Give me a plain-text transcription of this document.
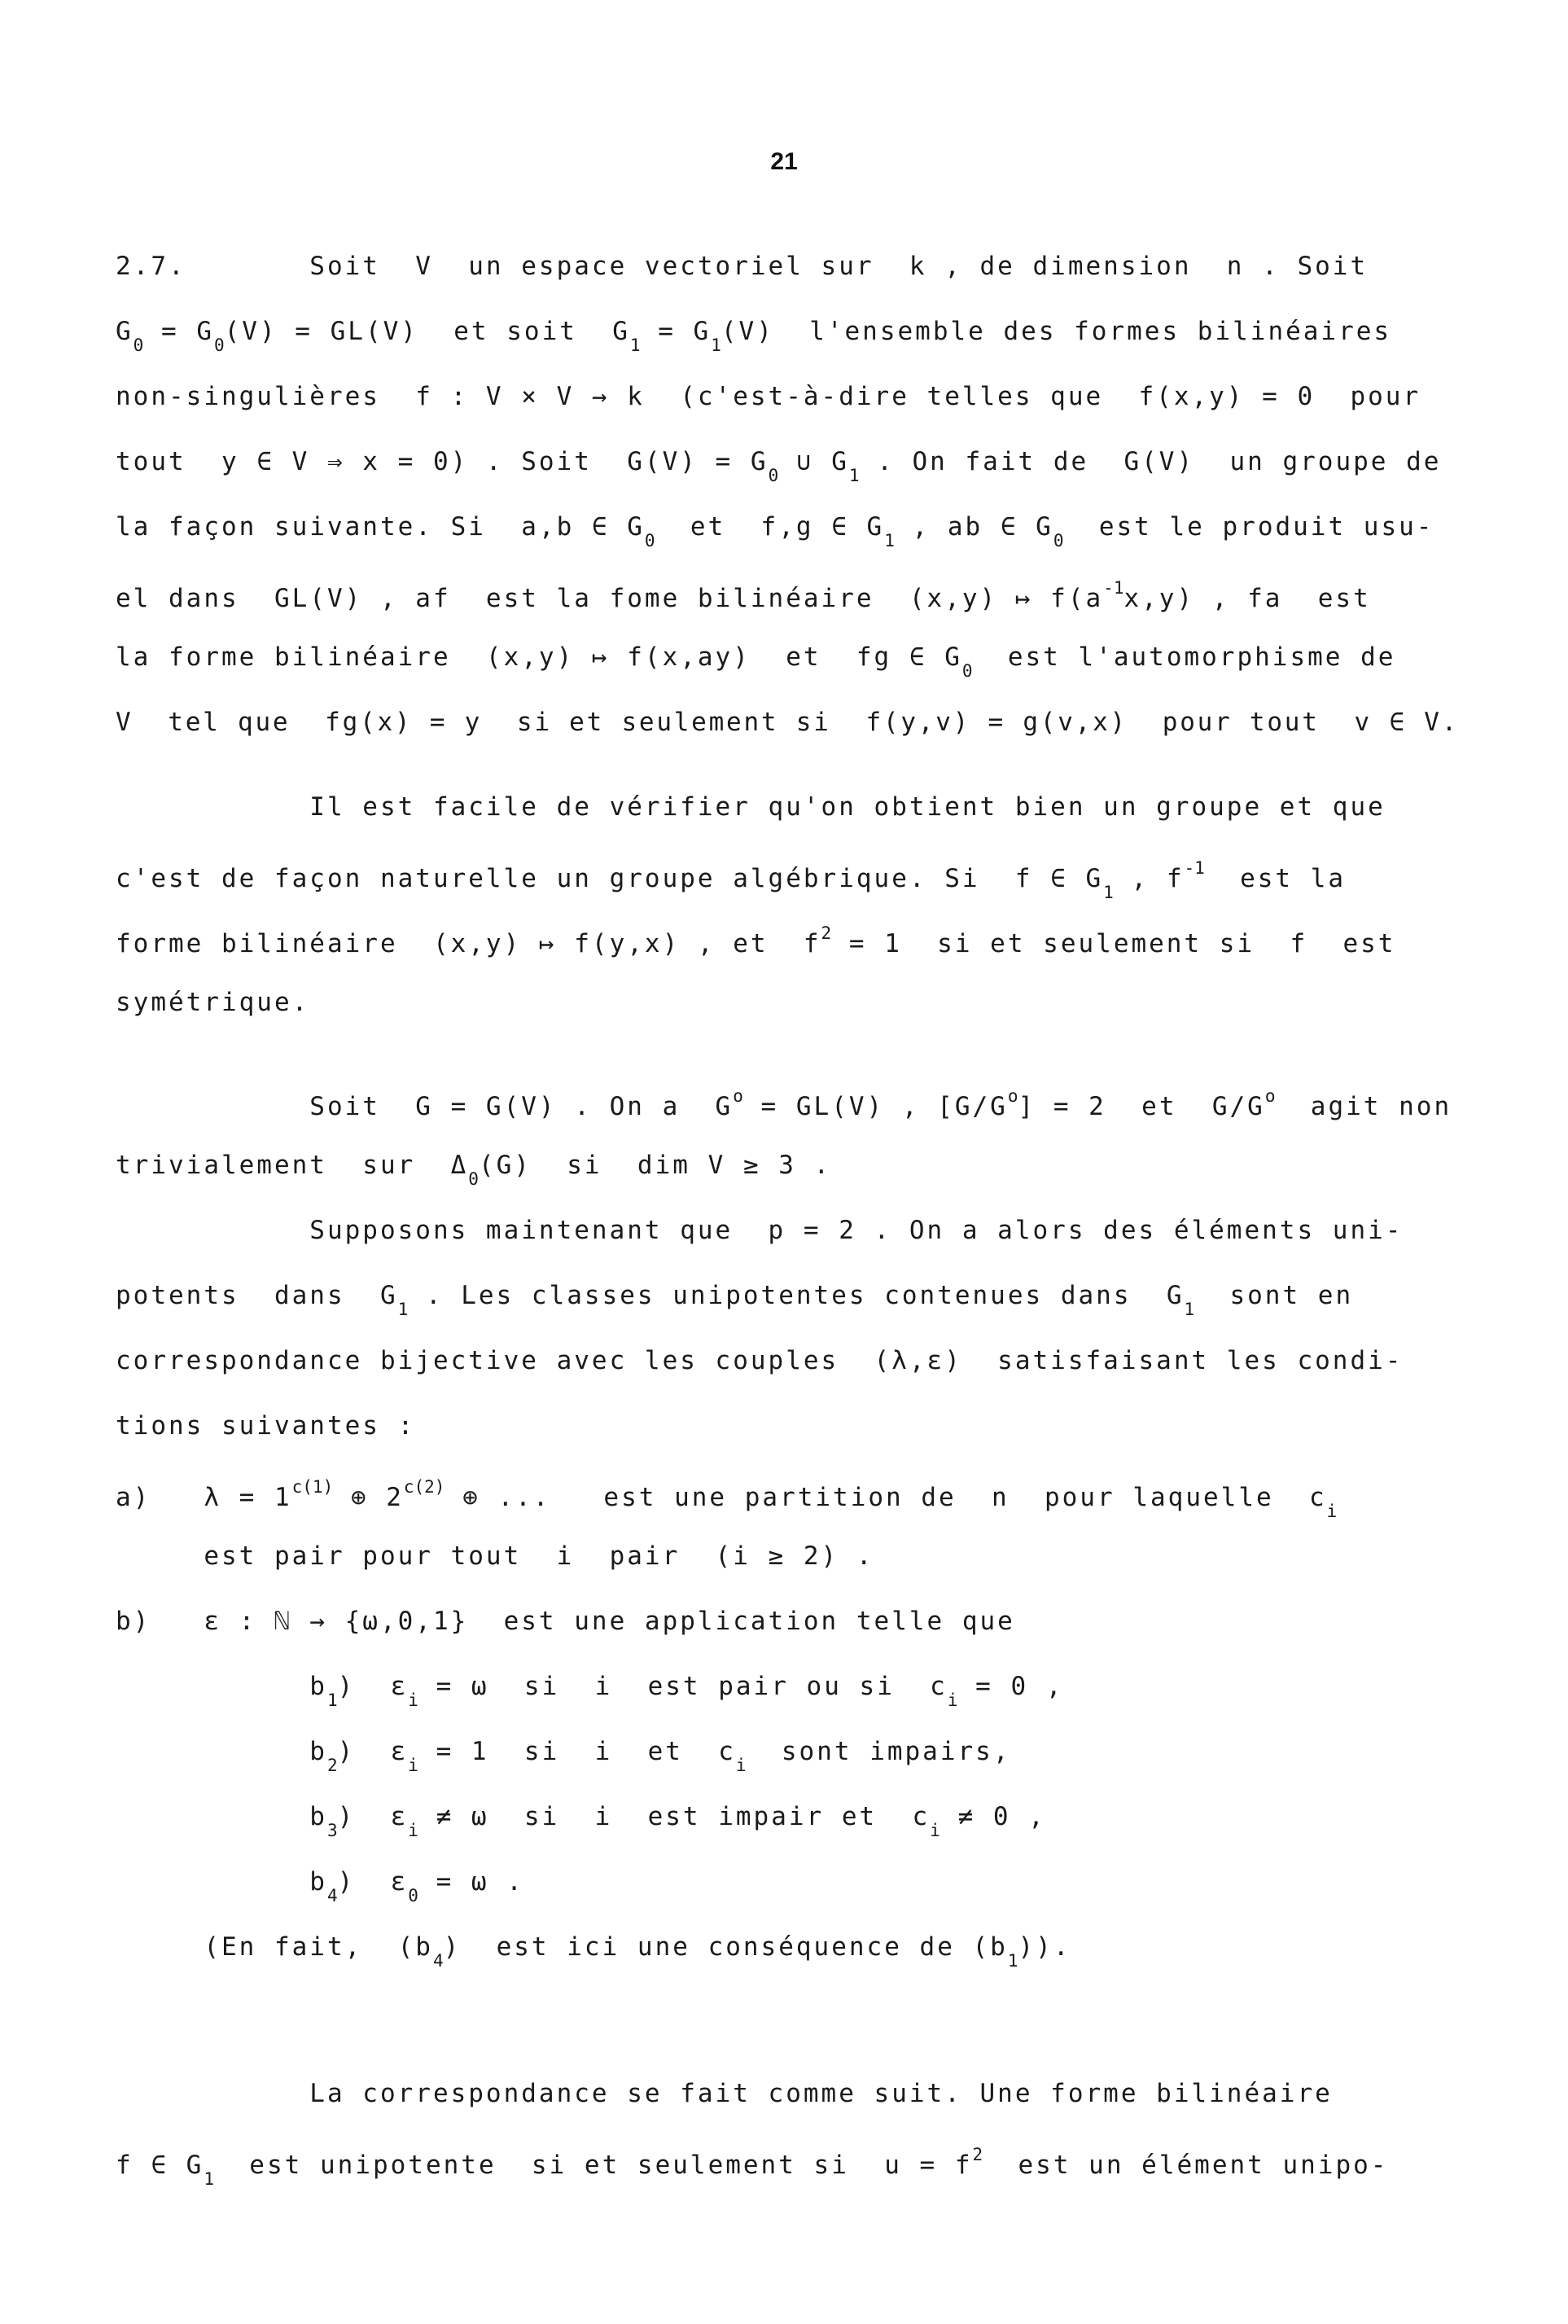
21
2.7.       Soit  V  un espace vectoriel sur  k , de dimension  n . Soit
$G_0 = G_0(V) = GL(V)$  et soit  $G_1 = G_1(V)$  l'ensemble des formes bilinéaires
non-singulières  f : V × V → k  (c'est-à-dire telles que  f(x,y) = 0  pour
tout  y ∈ V ⇒ x = 0) . Soit  $G(V) = G_0$ ∪ $G_1$ . On fait de  G(V)  un groupe de
la façon suivante. Si  a,b ∈ $G_0$  et  f,g ∈ $G_1$ , ab ∈ $G_0$  est le produit usu-
el dans  GL(V) , af  est la fome bilinéaire  (x,y) ↦ $f(a^{-1}x,y)$ , fa  est
la forme bilinéaire  (x,y) ↦ f(x,ay)  et  fg ∈ $G_0$  est l'automorphisme de
V  tel que  fg(x) = y  si et seulement si  f(y,v) = g(v,x)  pour tout  v ∈ V.
Il est facile de vérifier qu'on obtient bien un groupe et que
c'est de façon naturelle un groupe algébrique. Si  f ∈ $G_1$ , $f^{-1}$  est la
forme bilinéaire  (x,y) ↦ f(y,x) , et  $f^2 = 1$  si et seulement si  f  est
symétrique.
Soit  G = G(V) . On a  $G^o = GL(V)$ , $[G/G^o] = 2$  et  $G/G^o$  agit non
trivialement  sur  $\Delta_0(G)$  si  dim V ≥ 3 .
Supposons maintenant que  p = 2 . On a alors des éléments uni-
potents  dans  $G_1$ . Les classes unipotentes contenues dans  $G_1$  sont en
correspondance bijective avec les couples  (λ,ε)  satisfaisant les condi-
tions suivantes :
a)   $\lambda = 1^{c(1)}$ ⊕ $2^{c(2)}$ ⊕ ...   est une partition de  n  pour laquelle  $c_i$
est pair pour tout  i  pair  (i ≥ 2) .
b)   ε : ℕ → {ω,0,1}  est une application telle que
$b_1$)  $\varepsilon_i = \omega$  si  i  est pair ou si  $c_i = 0$ ,
$b_2$)  $\varepsilon_i = 1$  si  i  et  $c_i$  sont impairs,
$b_3$)  $\varepsilon_i \ne \omega$  si  i  est impair et  $c_i \ne 0$ ,
$b_4$)  $\varepsilon_0 = \omega$ .
(En fait,  $(b_4)$  est ici une conséquence de $(b_1)$).
La correspondance se fait comme suit. Une forme bilinéaire
f ∈ $G_1$  est unipotente  si et seulement si  $u = f^2$  est un élément unipo-
